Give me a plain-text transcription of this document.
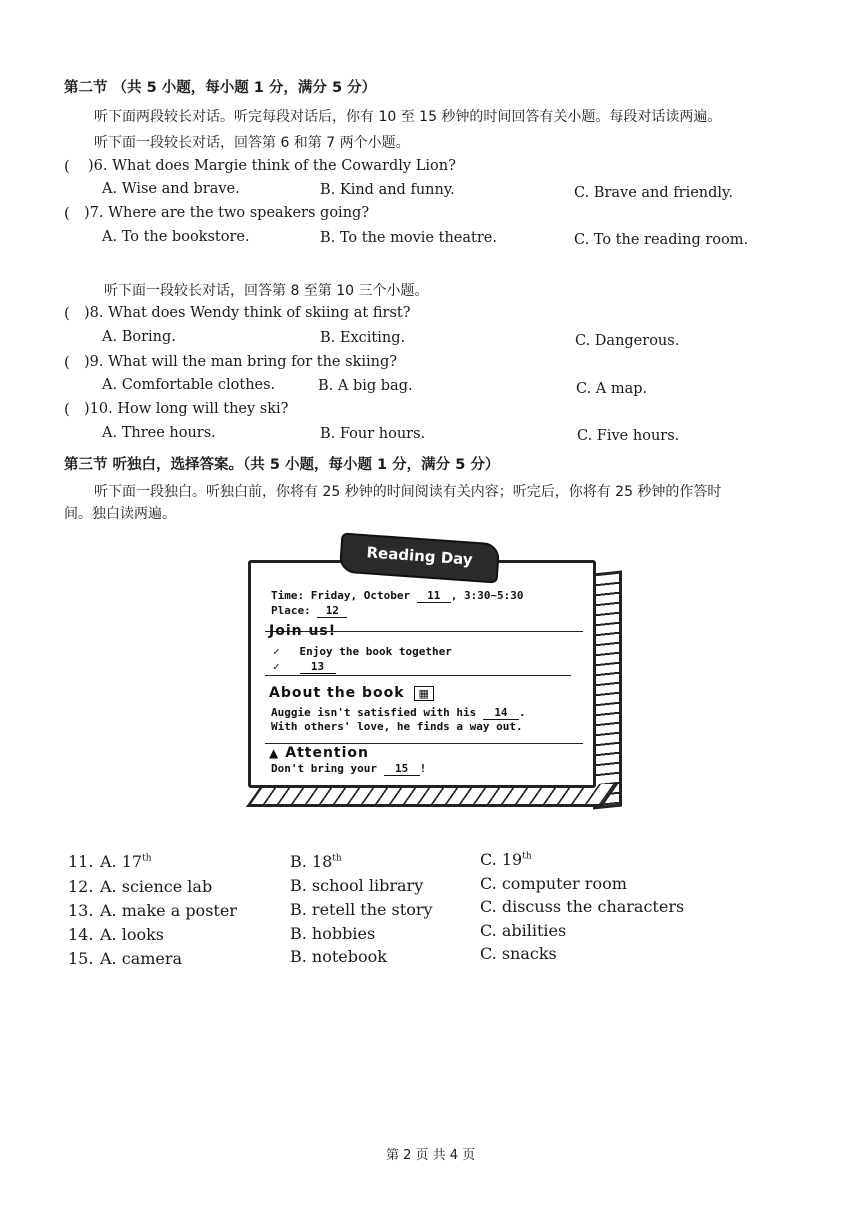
第二节 （共 5 小题，每小题 1 分，满分 5 分）
听下面两段较长对话。听完每段对话后，你有 10 至 15 秒钟的时间回答有关小题。每段对话读两遍。
听下面一段较长对话，回答第 6 和第 7 两个小题。
( )6. What does Margie think of the Cowardly Lion?
A. Wise and brave.	B. Kind and funny.	C. Brave and friendly.
( )7. Where are the two speakers going?
A. To the bookstore.	B. To the movie theatre.	C. To the reading room.
听下面一段较长对话，回答第 8 至第 10 三个小题。
( )8. What does Wendy think of skiing at first?
A. Boring.	B. Exciting.	C. Dangerous.
( )9. What will the man bring for the skiing?
A. Comfortable clothes.	B. A big bag.	C. A map.
( )10. How long will they ski?
A. Three hours.	B. Four hours.	C. Five hours.
第三节 听独白，选择答案。（共 5 小题，每小题 1 分，满分 5 分）
听下面一段独白。听独白前，你将有 25 秒钟的时间阅读有关内容；听完后，你将有 25 秒钟的作答时
间。独白读两遍。
Time: Friday, October 11 , 3:30~5:30
Place: 12
Join us!
✓ Enjoy the book together
✓	13
About the book ▦
Auggie isn't satisfied with his 14 .
With others' love, he finds a way out.
▲ Attention
Don't bring your 15 !
Reading Day
11. A. 17th	B. 18th	C. 19th
12. A. science lab	B. school library	C. computer room
13. A. make a poster	B. retell the story	C. discuss the characters
14. A. looks	B. hobbies	C. abilities
15. A. camera	B. notebook	C. snacks
第 2 页 共 4 页
